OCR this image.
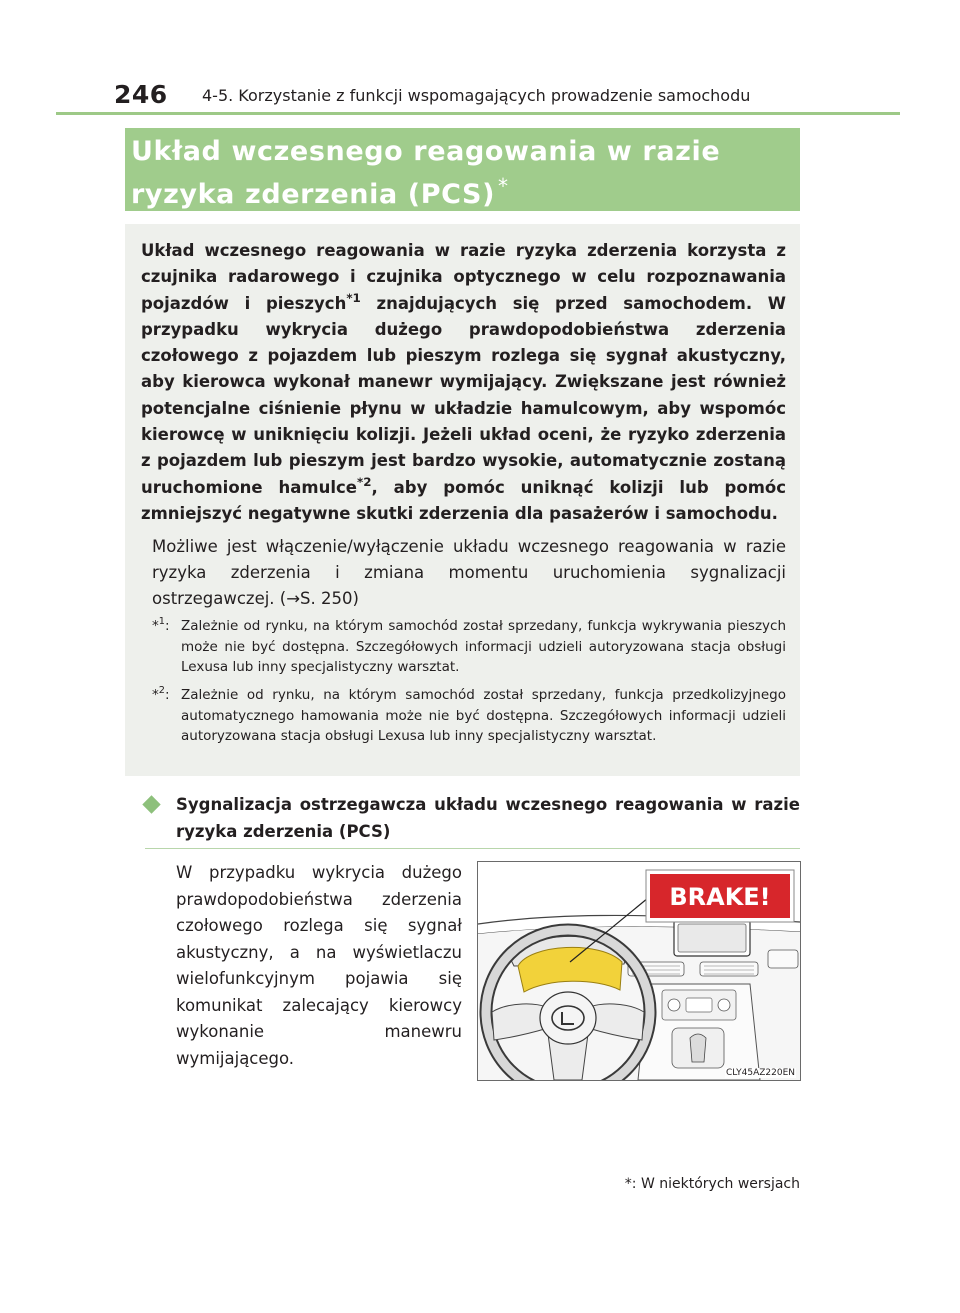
246 4-5. Korzystanie z funkcji wspomagających prowadzenie samochodu
Układ wczesnego reagowania w razie ryzyka zderzenia (PCS) *

Układ wczesnego reagowania w razie ryzyka zderzenia korzysta z czujnika radarowego i czujnika optycznego w celu rozpoznawania pojazdów i pieszych$^{*1}$ znajdujących się przed samochodem. W przypadku wykrycia dużego prawdopodobieństwa zderzenia czołowego z pojazdem lub pieszym rozlega się sygnał akustyczny, aby kierowca wykonał manewr wymijający. Zwiększane jest również potencjalne ciśnienie płynu w układzie hamulcowym, aby wspomóc kierowcę w uniknięciu kolizji. Jeżeli układ oceni, że ryzyko zderzenia z pojazdem lub pieszym jest bardzo wysokie, automatycznie zostaną uruchomione hamulce$^{*2}$, aby pomóc uniknąć kolizji lub pomóc zmniejszyć negatywne skutki zderzenia dla pasażerów i samochodu.

Możliwe jest włączenie/wyłączenie układu wczesnego reagowania w razie ryzyka zderzenia i zmiana momentu uruchomienia sygnalizacji ostrzegawczej. (→S. 250)

*$^1$: Zależnie od rynku, na którym samochód został sprzedany, funkcja wykrywania pieszych może nie być dostępna. Szczegółowych informacji udzieli autoryzowana stacja obsługi Lexusa lub inny specjalistyczny warsztat.

*$^2$: Zależnie od rynku, na którym samochód został sprzedany, funkcja przedkolizyjnego automatycznego hamowania może nie być dostępna. Szczegółowych informacji udzieli autoryzowana stacja obsługi Lexusa lub inny specjalistyczny warsztat.

Sygnalizacja ostrzegawcza układu wczesnego reagowania w razie ryzyka zderzenia (PCS)

W przypadku wykrycia dużego prawdopodobieństwa zderzenia czołowego rozlega się sygnał akustyczny, a na wyświetlaczu wielofunkcyjnym pojawia się komunikat zalecający kierowcy wykonanie manewru wymijającego.

BRAKE!
CLY45AZ220EN
*: W niektórych wersjach
